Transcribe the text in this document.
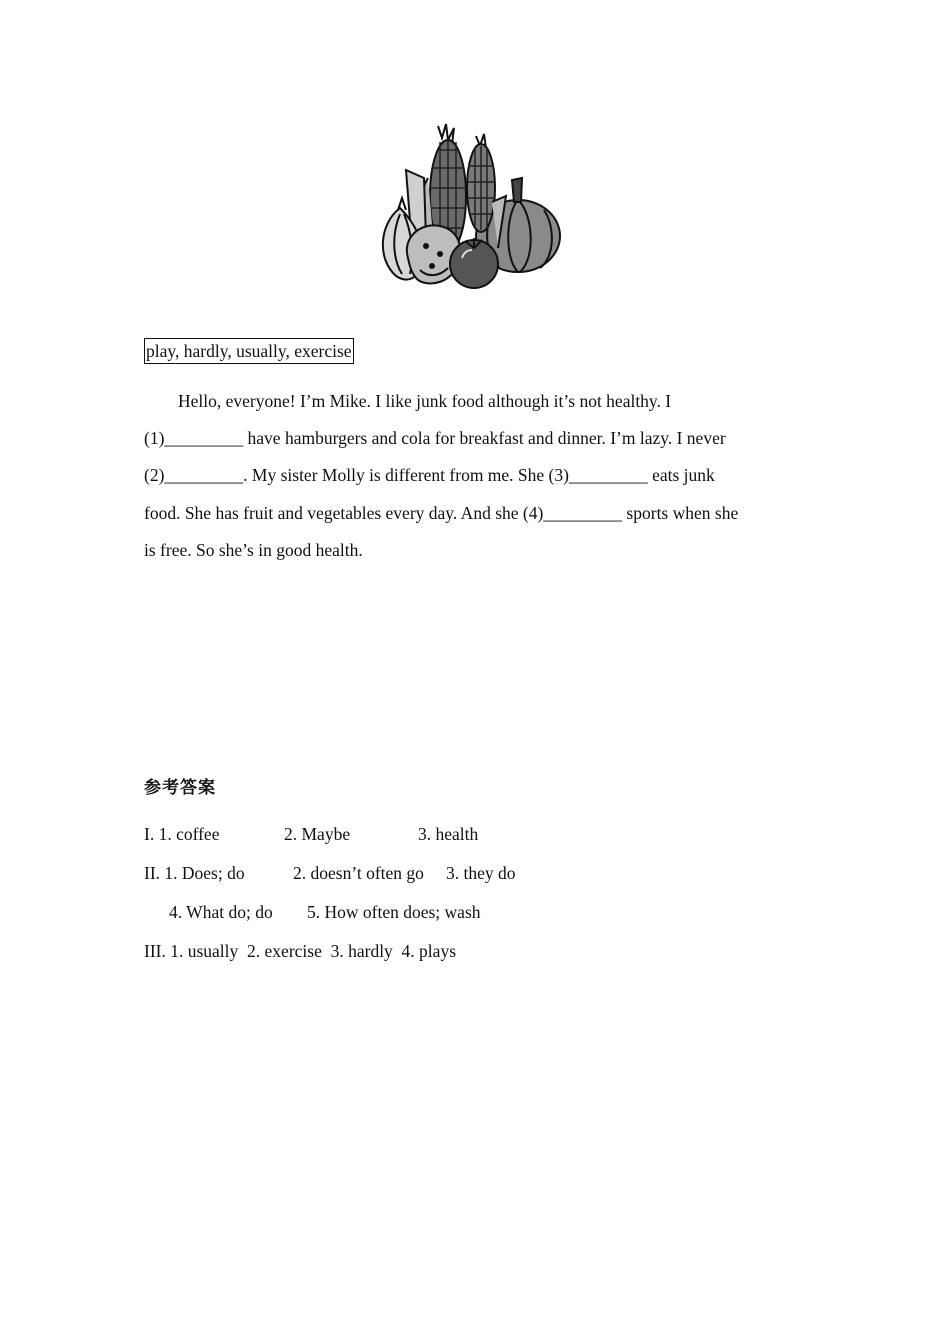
play, hardly, usually, exercise
Hello, everyone! I’m Mike. I like junk food although it’s not healthy. I
(1)_________ have hamburgers and cola for breakfast and dinner. I’m lazy. I never
(2)_________. My sister Molly is different from me. She (3)_________ eats junk
food. She has fruit and vegetables every day. And she (4)_________ sports when she
is free. So she’s in good health.
参考答案
I. 1. coffee	2. Maybe	3. health
II. 1. Does; do	2. doesn’t often go 3. they do
4. What do; do 5. How often does; wash
III. 1. usually  2. exercise  3. hardly  4. plays
